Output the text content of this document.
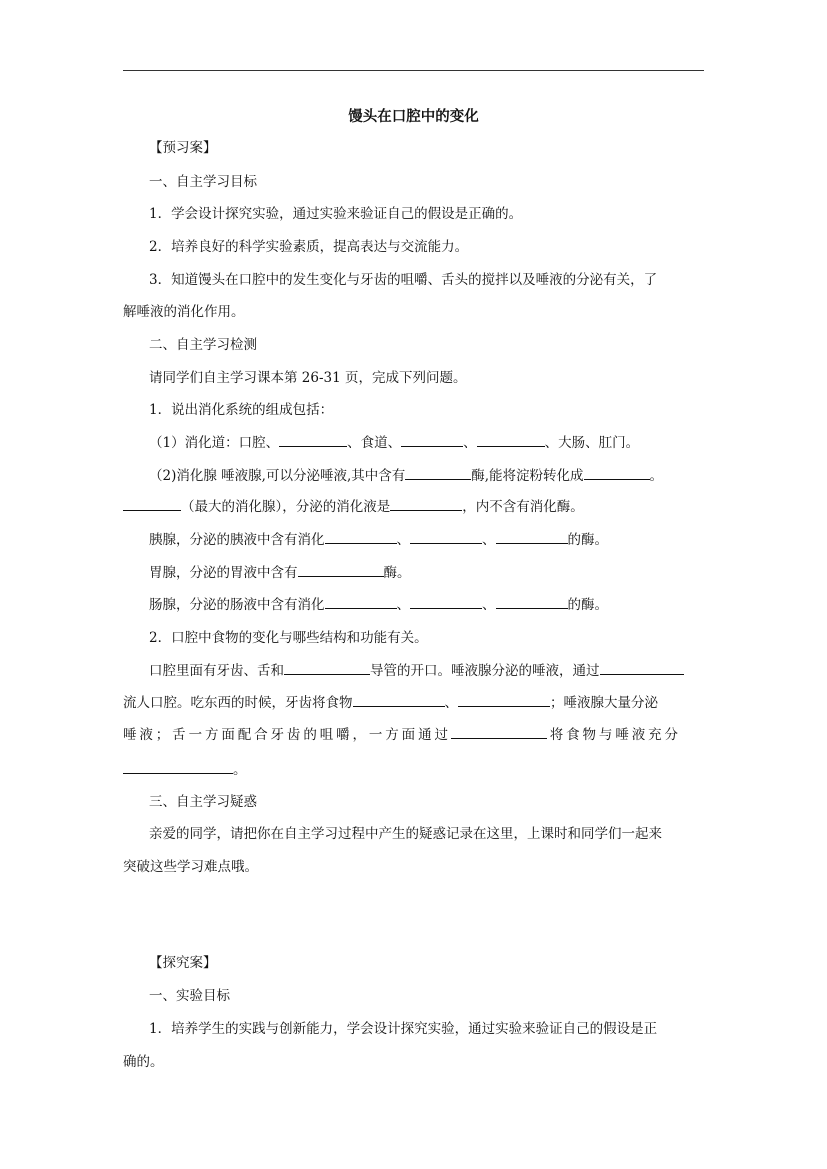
馒头在口腔中的变化
【预习案】
一、自主学习目标
1．学会设计探究实验，通过实验来验证自己的假设是正确的。
2．培养良好的科学实验素质，提高表达与交流能力。
3．知道馒头在口腔中的发生变化与牙齿的咀嚼、舌头的搅拌以及唾液的分泌有关，了
解唾液的消化作用。
二、自主学习检测
请同学们自主学习课本第 26-31 页，完成下列问题。
1．说出消化系统的组成包括：
（1）消化道：口腔、	、食道、	、	、大肠、肛门。
（2)消化腺 唾液腺,可以分泌唾液,其中含有	酶,能将淀粉转化成	。
（最大的消化腺），分泌的消化液是	，内不含有消化酶。
胰腺，分泌的胰液中含有消化	、	、	的酶。
胃腺，分泌的胃液中含有	酶。
肠腺，分泌的肠液中含有消化	、	、	的酶。
2．口腔中食物的变化与哪些结构和功能有关。
口腔里面有牙齿、舌和	导管的开口。唾液腺分泌的唾液，通过
流人口腔。吃东西的时候，牙齿将食物	、	；唾液腺大量分泌
唾液；舌一方面配合牙齿的咀嚼，一方面通过	将食物与唾液充分
。
三、自主学习疑惑
亲爱的同学，请把你在自主学习过程中产生的疑惑记录在这里，上课时和同学们一起来
突破这些学习难点哦。
【探究案】
一、实验目标
1．培养学生的实践与创新能力，学会设计探究实验，通过实验来验证自己的假设是正
确的。
